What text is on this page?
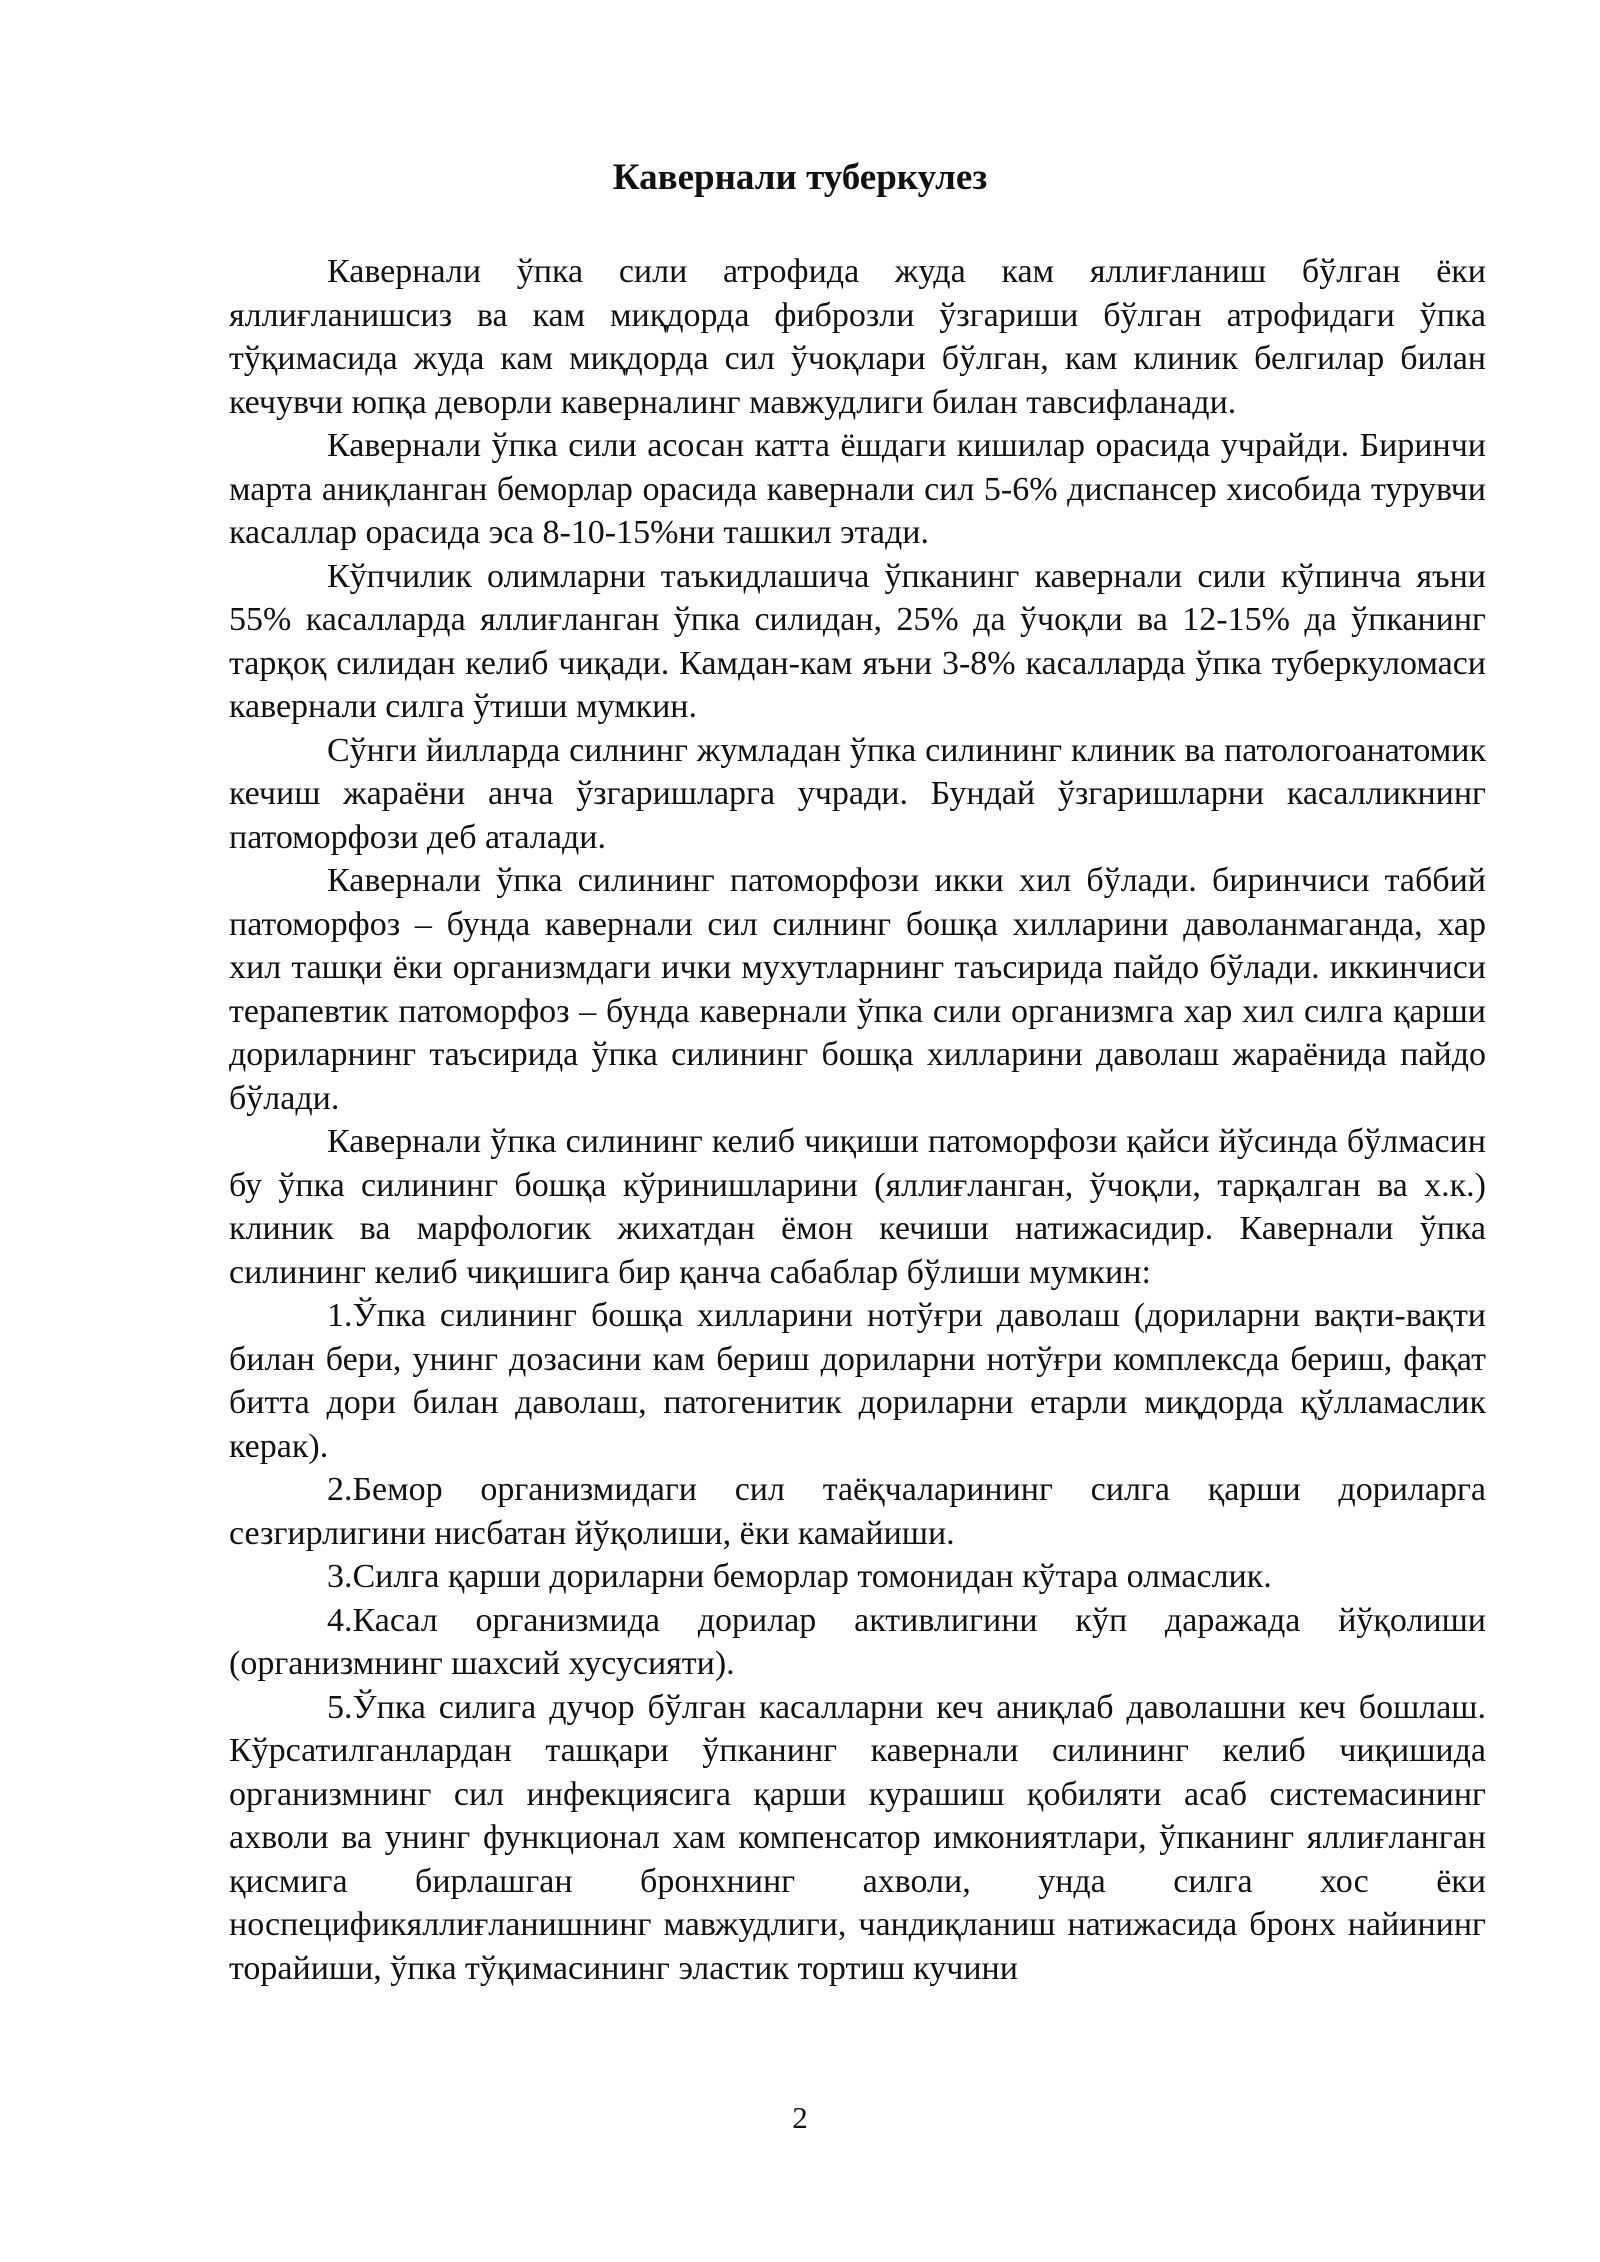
Кавернали туберкулез

Кавернали ўпка сили атрофида жуда кам яллиғланиш бўлган ёки яллиғланишсиз ва кам миқдорда фиброзли ўзгариши бўлган атрофидаги ўпка тўқимасида жуда кам миқдорда сил ўчоқлари бўлган, кам клиник белгилар билан кечувчи юпқа деворли каверналинг мавжудлиги билан тавсифланади.

Кавернали ўпка сили асосан катта ёшдаги кишилар орасида учрайди. Биринчи марта аниқланган беморлар орасида кавернали сил 5-6% диспансер хисобида турувчи касаллар орасида эса 8-10-15%ни ташкил этади.

Кўпчилик олимларни таъкидлашича ўпканинг кавернали сили кўпинча яъни 55% касалларда яллиғланган ўпка силидан, 25% да ўчоқли ва 12-15% да ўпканинг тарқоқ силидан келиб чиқади. Камдан-кам яъни 3-8% касалларда ўпка туберкуломаси кавернали силга ўтиши мумкин.

Сўнги йилларда силнинг жумладан ўпка силининг клиник ва патологоанатомик кечиш жараёни анча ўзгаришларга учради. Бундай ўзгаришларни касалликнинг патоморфози деб аталади.

Кавернали ўпка силининг патоморфози икки хил бўлади. биринчиси таббий патоморфоз – бунда кавернали сил силнинг бошқа хилларини даволанмаганда, хар хил ташқи ёки организмдаги ички мухутларнинг таъсирида пайдо бўлади. иккинчиси терапевтик патоморфоз – бунда кавернали ўпка сили организмга хар хил силга қарши дориларнинг таъсирида ўпка силининг бошқа хилларини даволаш жараёнида пайдо бўлади.

Кавернали ўпка силининг келиб чиқиши патоморфози қайси йўсинда бўлмасин бу ўпка силининг бошқа кўринишларини (яллиғланган, ўчоқли, тарқалган ва х.к.) клиник ва марфологик жихатдан ёмон кечиши натижасидир. Кавернали ўпка силининг келиб чиқишига бир қанча сабаблар бўлиши мумкин:

1.Ўпка силининг бошқа хилларини нотўғри даволаш (дориларни вақти-вақти билан бери, унинг дозасини кам бериш дориларни нотўғри комплексда бериш, фақат битта дори билан даволаш, патогенитик дориларни етарли миқдорда қўлламаслик керак).

2.Бемор организмидаги сил таёқчаларининг силга қарши дориларга сезгирлигини нисбатан йўқолиши, ёки камайиши.

3.Силга қарши дориларни беморлар томонидан кўтара олмаслик.

4.Касал организмида дорилар активлигини кўп даражада йўқолиши (организмнинг шахсий хусусияти).

5.Ўпка силига дучор бўлган касалларни кеч аниқлаб даволашни кеч бошлаш. Кўрсатилганлардан ташқари ўпканинг кавернали силининг келиб чиқишида организмнинг сил инфекциясига қарши курашиш қобиляти асаб системасининг ахволи ва унинг функционал хам компенсатор имкониятлари, ўпканинг яллиғланган қисмига бирлашган бронхнинг ахволи, унда силга хос ёки носпецификяллиғланишнинг мавжудлиги, чандиқланиш натижасида бронх найининг торайиши, ўпка тўқимасининг эластик тортиш кучини

2
